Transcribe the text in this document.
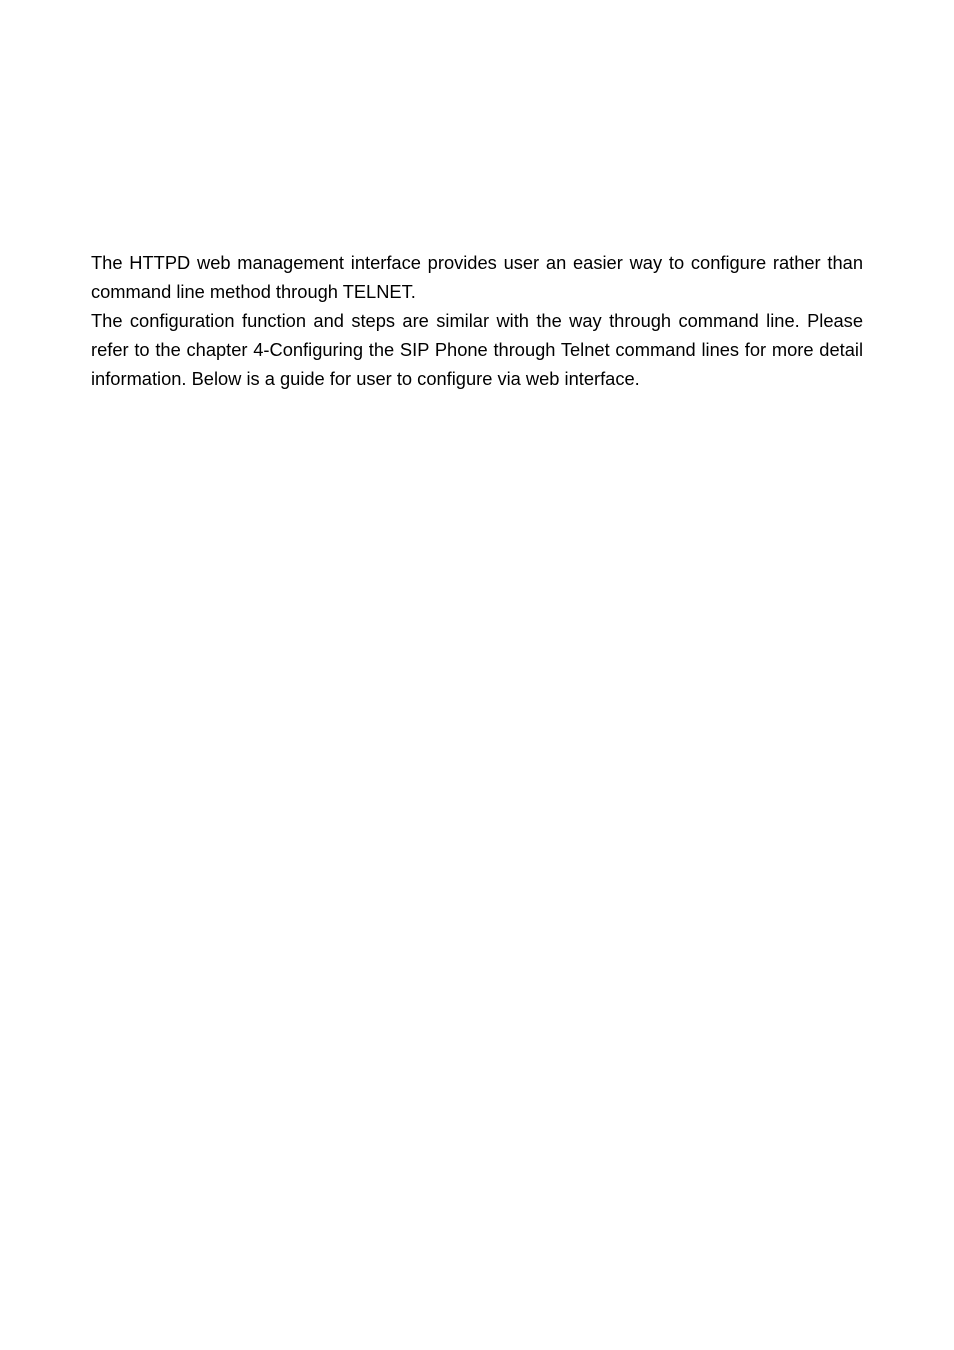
The HTTPD web management interface provides user an easier way to configure rather than command line method through TELNET.

The configuration function and steps are similar with the way through command line. Please refer to the chapter 4-Configuring the SIP Phone through Telnet command lines for more detail information. Below is a guide for user to configure via web interface.
